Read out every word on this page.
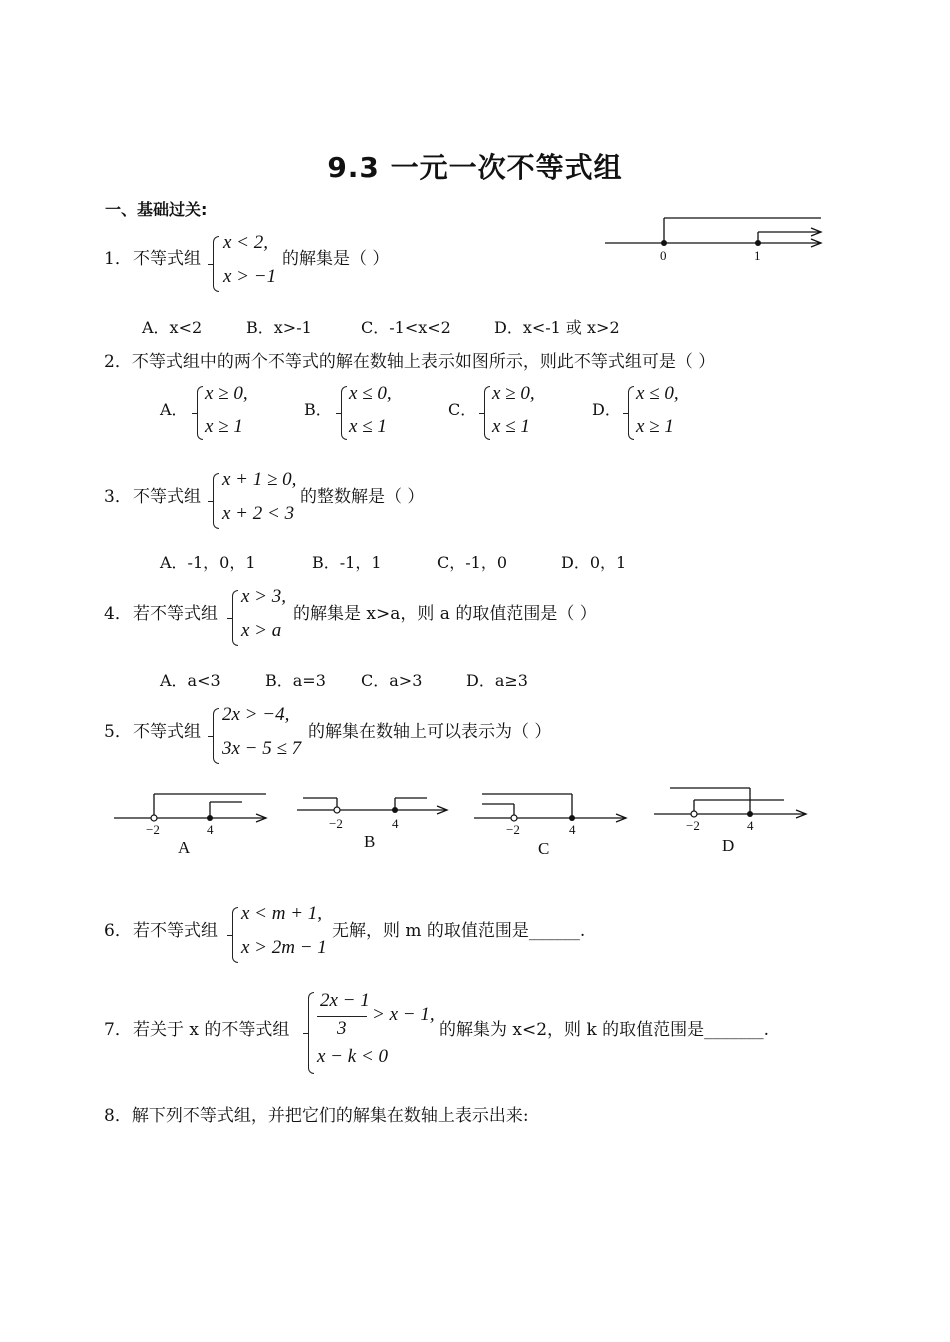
9.3 一元一次不等式组
一、基础过关:
1． 不等式组
x < 2,
x > −1
的解集是（ ）	0	1
A．x<2	B．x>-1	C．-1<x<2	D．x<-1 或 x>2
2．不等式组中的两个不等式的解在数轴上表示如图所示，则此不等式组可是（ ）
A．
x ≥ 0,
x ≥ 1
B．
x ≤ 0,
x ≤ 1
C．
x ≥ 0,
x ≤ 1
D．
x ≤ 0,
x ≥ 1
3． 不等式组
x + 1 ≥ 0,
x + 2 < 3
的整数解是（ ）
A．-1，0，1	B．-1，1	C，-1，0	D．0，1
4． 若不等式组
x > 3,
x > a
的解集是 x>a，则 a 的取值范围是（ ）
A．a<3	B．a=3 C．a>3	D．a≥3
5． 不等式组
2x > −4,
3x − 5 ≤ 7
的解集在数轴上可以表示为（ ）
−2	4
A
−2	4
B
−2	4
C
−2	4
D
6． 若不等式组
x < m + 1,
x > 2m − 1
无解，则 m 的取值范围是______.
7． 若关于 x 的不等式组
2x − 1
3
> x − 1,
x − k < 0
的解集为 x<2，则 k 的取值范围是_______.
8．解下列不等式组，并把它们的解集在数轴上表示出来:
